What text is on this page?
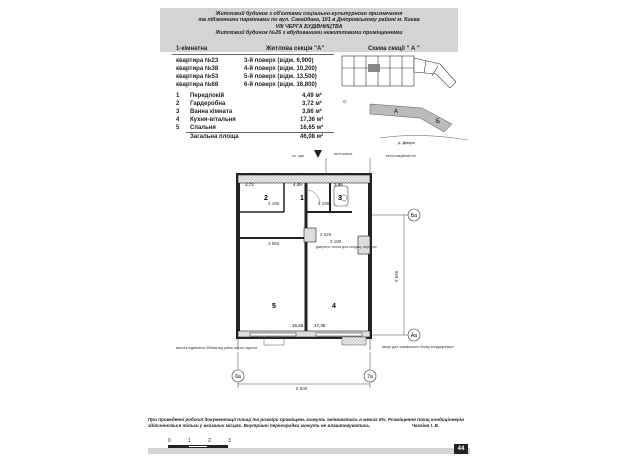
Житловий будинок з об'єктами соціально-культурного призначення
та підземними паркінгами по вул. Сагайдака, 101 в Дніпровському районі м. Києва
VIII ЧЕРГА БУДІВНИЦТВА
Житловий будинок №26 з вбудованими нежитловими приміщеннями
1-кімнатна	Житлова секція "А"
квартира №23	3-й поверх (відм. 6,900)
квартира №38	4-й поверх (відм. 10,200)
квартира №53	5-й поверх (відм. 13,500)
квартира №68	6-й поверх (відм. 16,800)
1 Передпокій	4,49 м²
2 Гардеробна	3,72 м²
3 Ванна кімната	3,86 м²
4 Кухня-вітальня	17,36 м²
5 Спальня	16,65 м²
Загальна площа	46,08 м²
Схема секції " А "
A
Б
р. Дніпро
☼
2	1	3
5	4
3,72	4,49	3,86
16,65 17,36
4 190	2 190
3 060
2 220
3 180
6 600
9 650
ел. щит	вент.шахта	вентиляційний п/п
джерело тепла для кондиц. перенос
висота підвіконня 500мм від рівня чистої підлоги	місце для зовнішнього блоку кондиціонера
6а	7а
Ба
Аа
При проведенні робочої документації площі та розміри приміщень можуть змінюватись в межах 5%. Розміщення площ кондиціонерів здійснюється тільки у вказаних місцях. Внутрішні перегородки можуть не влаштовуватись.	Чалкіна І. В.
0	1	2	3
44
